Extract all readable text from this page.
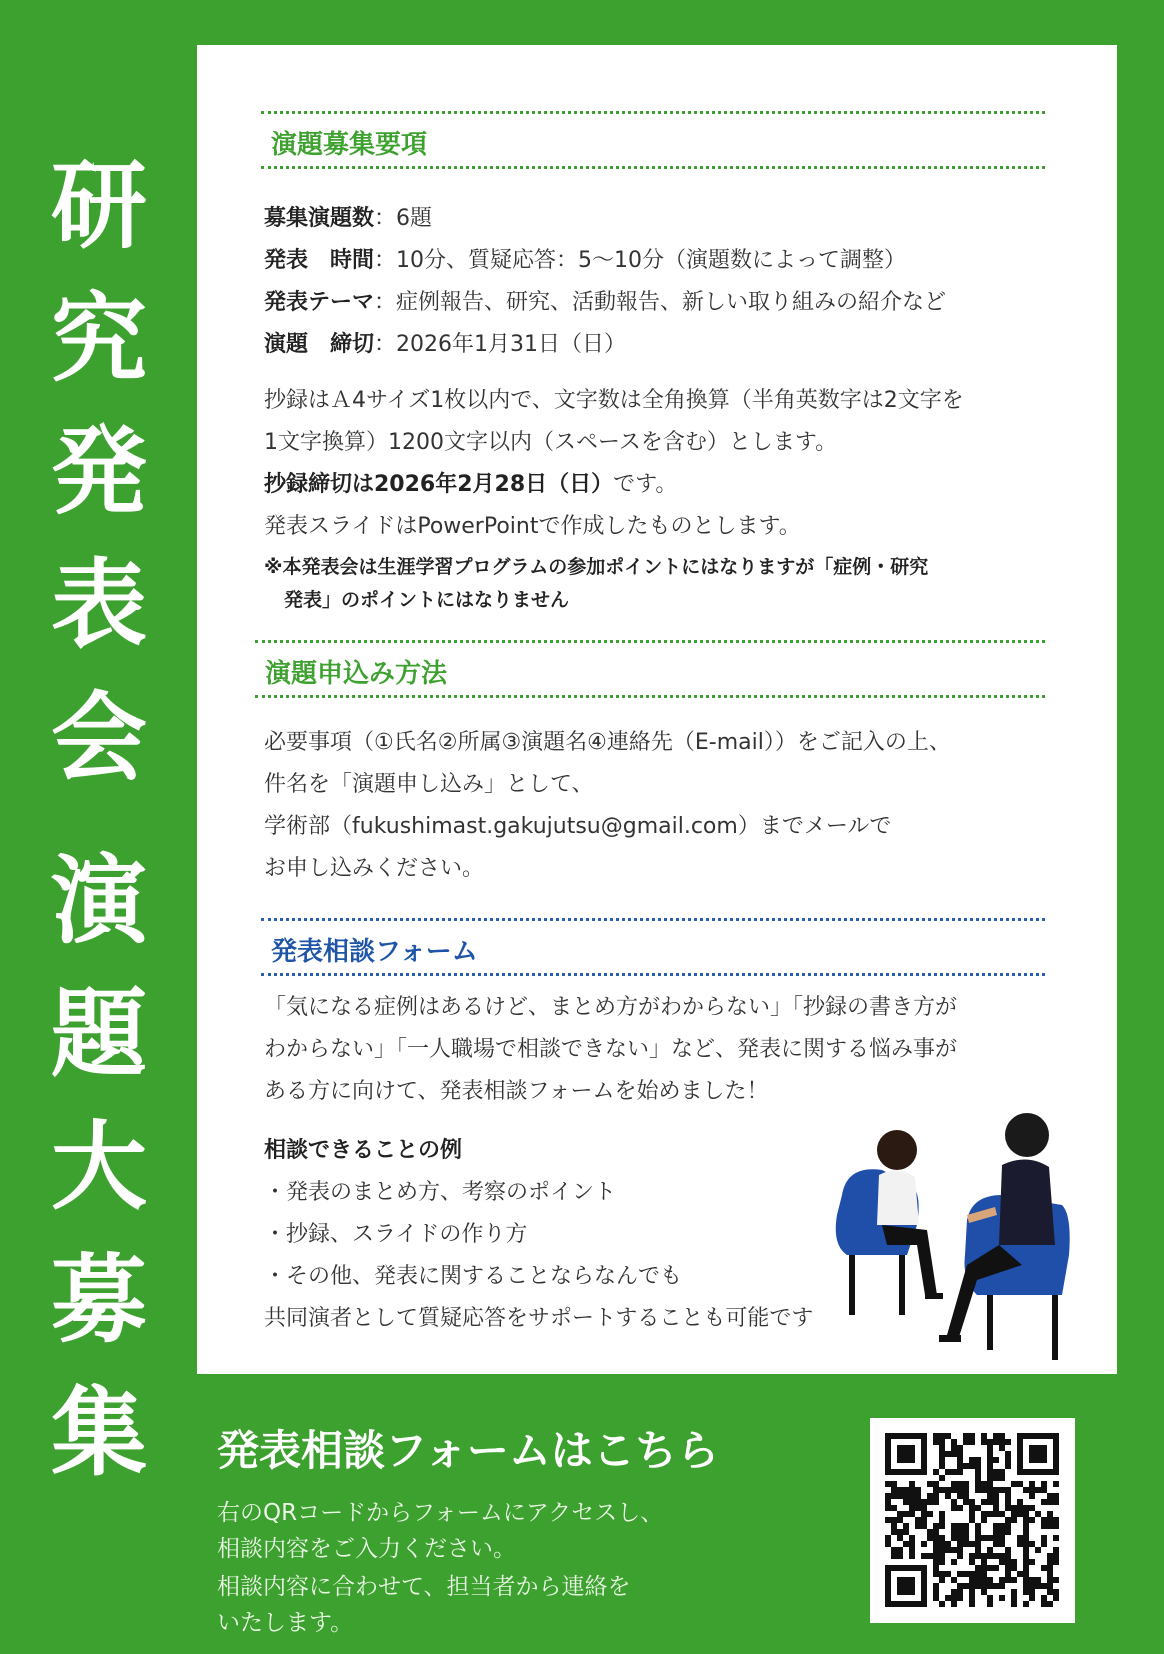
研
究
発
表
会
演
題
大
募
集
演題募集要項
募集演題数：6題
発表　時間：10分、質疑応答：5〜10分（演題数によって調整）
発表テーマ：症例報告、研究、活動報告、新しい取り組みの紹介など
演題　締切：2026年1月31日（日）
抄録はＡ4サイズ1枚以内で、文字数は全角換算（半角英数字は2文字を
1文字換算）1200文字以内（スペースを含む）とします。
抄録締切は2026年2月28日（日）です。
発表スライドはPowerPointで作成したものとします。
※本発表会は生涯学習プログラムの参加ポイントにはなりますが「症例・研究
発表」のポイントにはなりません
演題申込み方法
必要事項（①氏名②所属③演題名④連絡先（E-mail））をご記入の上、
件名を「演題申し込み」として、
学術部（fukushimast.gakujutsu@gmail.com）までメールで
お申し込みください。
発表相談フォーム
「気になる症例はあるけど、まとめ方がわからない」「抄録の書き方が
わからない」「一人職場で相談できない」など、発表に関する悩み事が
ある方に向けて、発表相談フォームを始めました！
相談できることの例
・発表のまとめ方、考察のポイント
・抄録、スライドの作り方
・その他、発表に関することならなんでも
共同演者として質疑応答をサポートすることも可能です
発表相談フォームはこちら
右のQRコードからフォームにアクセスし、
相談内容をご入力ください。
相談内容に合わせて、担当者から連絡を
いたします。
